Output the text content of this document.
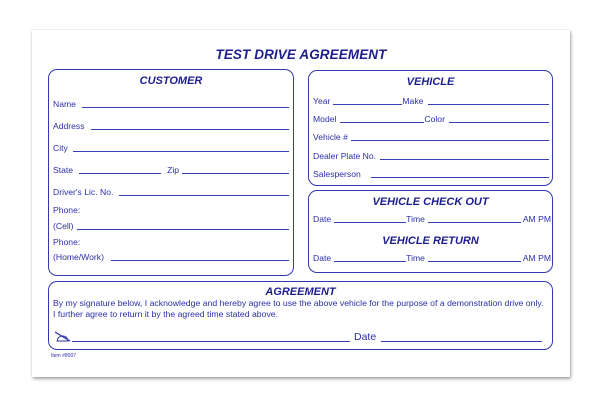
TEST DRIVE AGREEMENT
CUSTOMER
Name
Address
City
State	Zip
Driver's Lic. No.
Phone:
(Cell)
Phone:
(Home/Work)
VEHICLE
Year	Make
Model	Color
Vehicle #
Dealer Plate No.
Salesperson
VEHICLE CHECK OUT
Date	Time	AM PM
VEHICLE RETURN
Date	Time	AM PM
AGREEMENT
By my signature below, I acknowledge and hereby agree to use the above vehicle for the purpose of a demonstration drive only.
I further agree to return it by the agreed time stated above.
Date
Item #8007
